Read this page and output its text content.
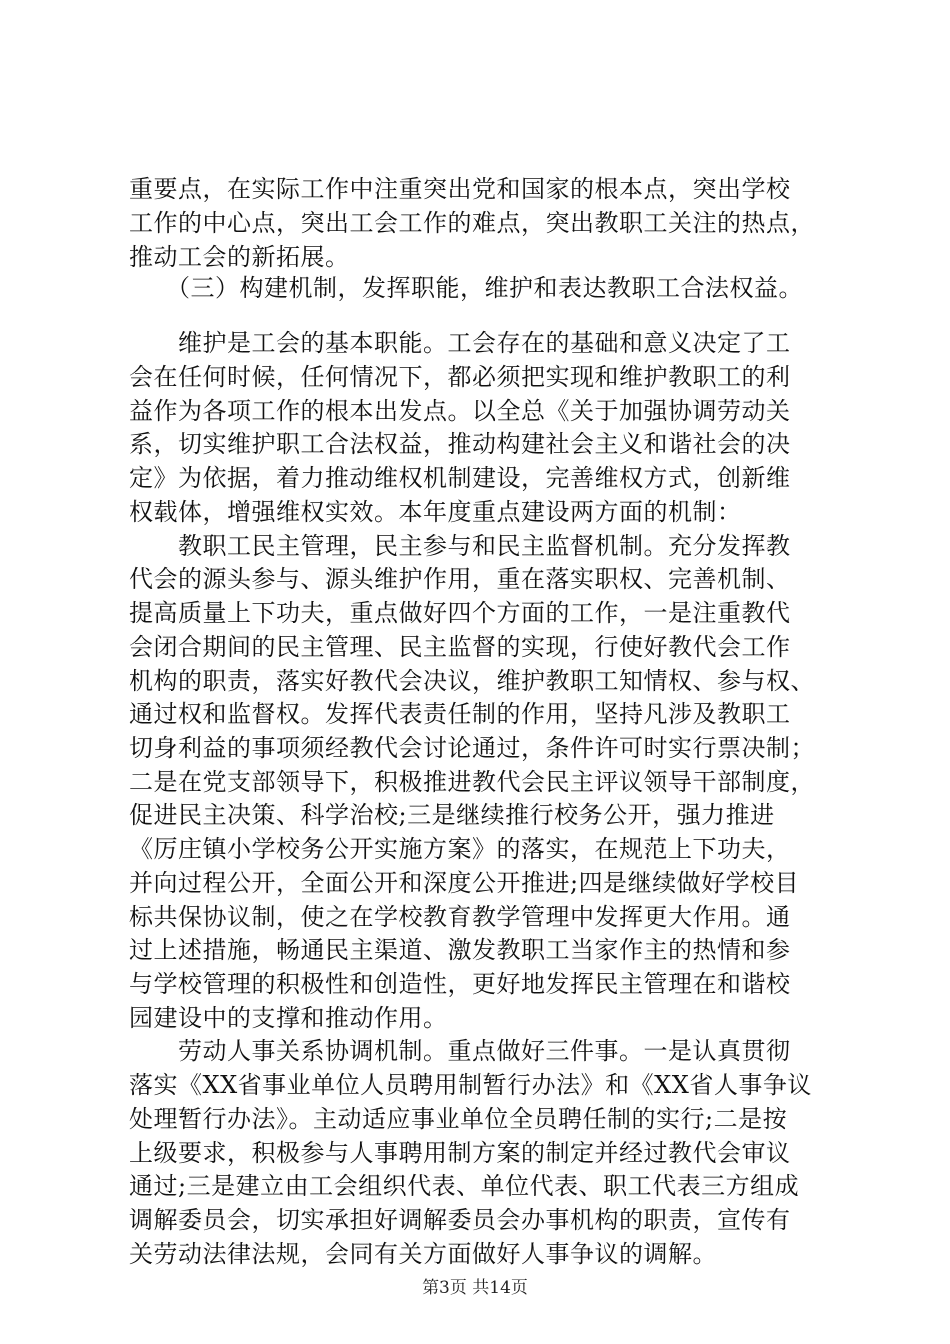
重要点，在实际工作中注重突出党和国家的根本点，突出学校
工作的中心点，突出工会工作的难点，突出教职工关注的热点，
推动工会的新拓展。
　　（三）构建机制，发挥职能，维护和表达教职工合法权益。
　　维护是工会的基本职能。工会存在的基础和意义决定了工
会在任何时候，任何情况下，都必须把实现和维护教职工的利
益作为各项工作的根本出发点。以全总《关于加强协调劳动关
系，切实维护职工合法权益，推动构建社会主义和谐社会的决
定》为依据，着力推动维权机制建设，完善维权方式，创新维
权载体，增强维权实效。本年度重点建设两方面的机制：
　　教职工民主管理，民主参与和民主监督机制。充分发挥教
代会的源头参与、源头维护作用，重在落实职权、完善机制、
提高质量上下功夫，重点做好四个方面的工作，一是注重教代
会闭合期间的民主管理、民主监督的实现，行使好教代会工作
机构的职责，落实好教代会决议，维护教职工知情权、参与权、
通过权和监督权。发挥代表责任制的作用，坚持凡涉及教职工
切身利益的事项须经教代会讨论通过，条件许可时实行票决制；
二是在党支部领导下，积极推进教代会民主评议领导干部制度，
促进民主决策、科学治校;三是继续推行校务公开，强力推进
《厉庄镇小学校务公开实施方案》的落实，在规范上下功夫，
并向过程公开，全面公开和深度公开推进;四是继续做好学校目
标共保协议制，使之在学校教育教学管理中发挥更大作用。通
过上述措施，畅通民主渠道、激发教职工当家作主的热情和参
与学校管理的积极性和创造性，更好地发挥民主管理在和谐校
园建设中的支撑和推动作用。
　　劳动人事关系协调机制。重点做好三件事。一是认真贯彻
落实《XX省事业单位人员聘用制暂行办法》和《XX省人事争议
处理暂行办法》。主动适应事业单位全员聘任制的实行;二是按
上级要求，积极参与人事聘用制方案的制定并经过教代会审议
通过;三是建立由工会组织代表、单位代表、职工代表三方组成
调解委员会，切实承担好调解委员会办事机构的职责，宣传有
关劳动法律法规，会同有关方面做好人事争议的调解。
第3页 共14页
